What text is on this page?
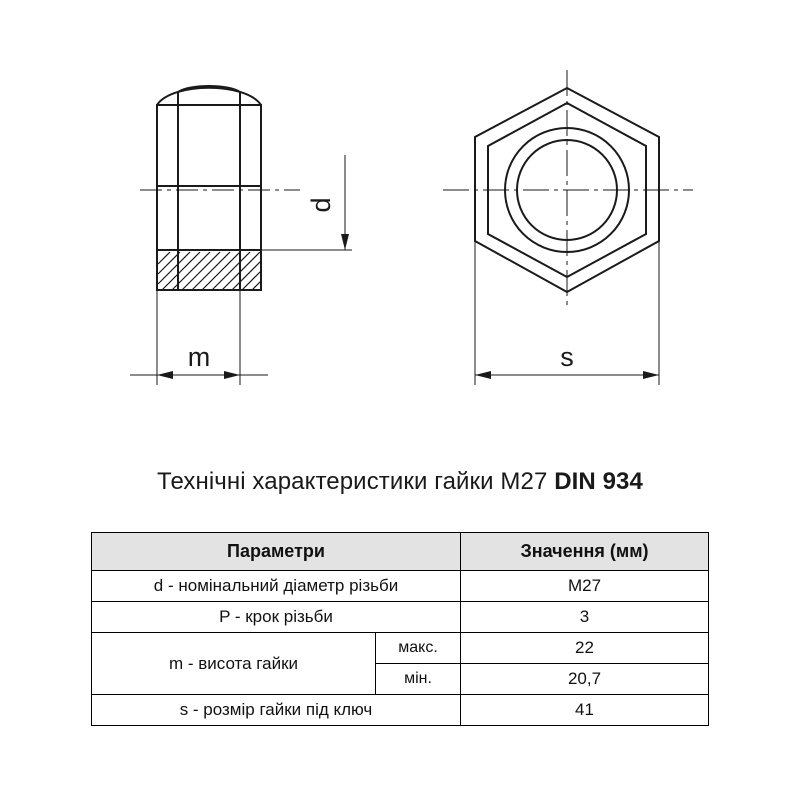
d
m	s
Технічні характеристики гайки М27 DIN 934
Параметри		Значення (мм)
d - номінальний діаметр різьби		M27
P - крок різьби		3
m - висота гайки	макс.	22
	мін.	20,7
s - розмір гайки під ключ		41
